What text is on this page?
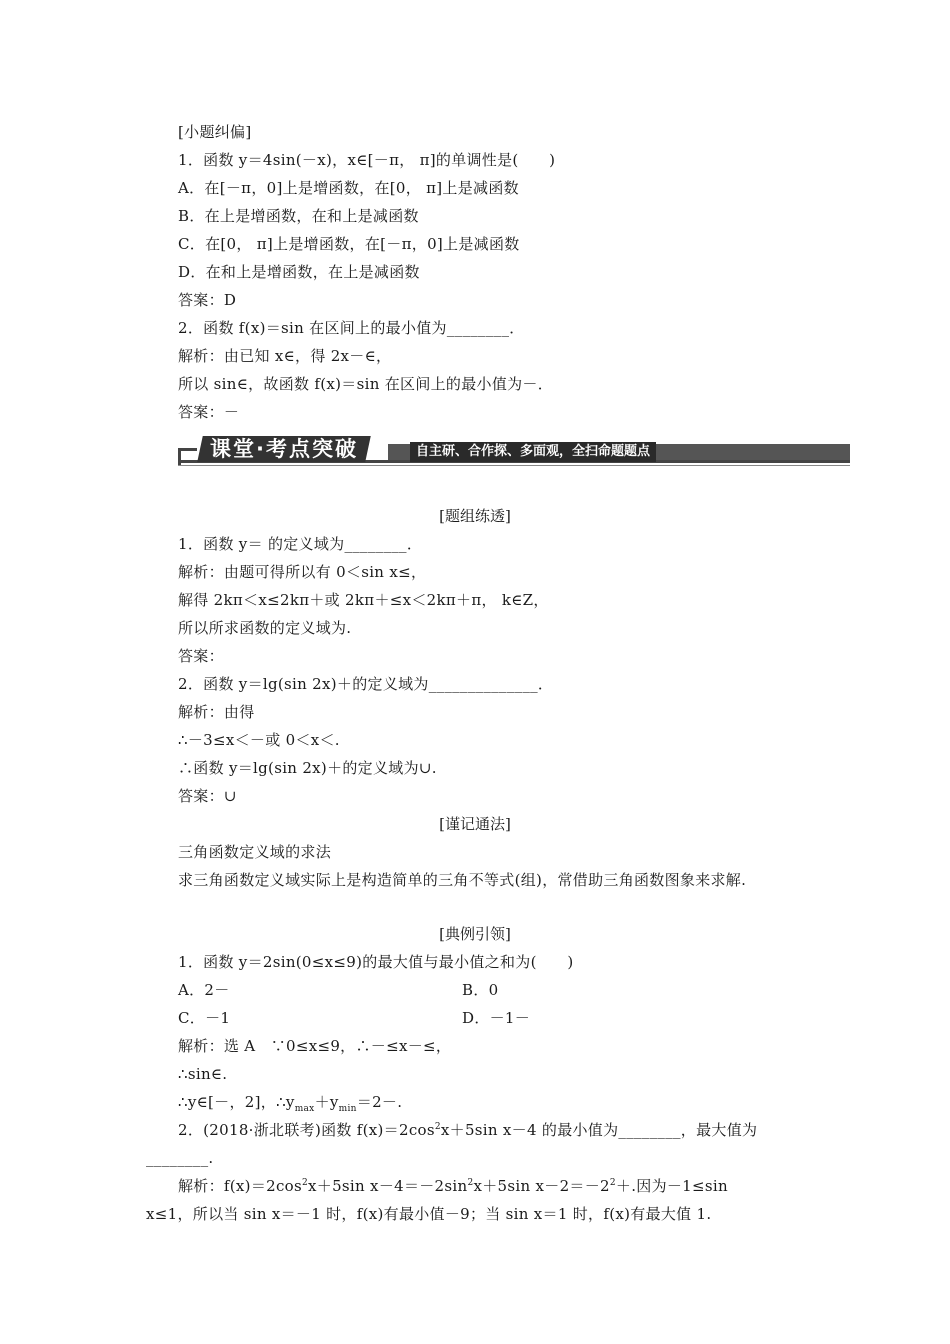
[小题纠偏]
1．函数 y＝4sin(－x)，x∈[－π， π]的单调性是(　　)
A．在[－π，0]上是增函数，在[0， π]上是减函数
B．在上是增函数，在和上是减函数
C．在[0， π]上是增函数，在[－π，0]上是减函数
D．在和上是增函数，在上是减函数
答案：D
2．函数 f(x)＝sin 在区间上的最小值为________．
解析：由已知 x∈，得 2x－∈，
所以 sin∈，故函数 f(x)＝sin 在区间上的最小值为－．
答案：－
课堂·考点突破	自主研、合作探、多面观，全扫命题题点
[题组练透]
1．函数 y＝ 的定义域为________．
解析：由题可得所以有 0＜sin x≤，
解得 2kπ＜x≤2kπ＋或 2kπ＋≤x＜2kπ＋π， k∈Z，
所以所求函数的定义域为.
答案：
2．函数 y＝lg(sin 2x)＋的定义域为______________．
解析：由得
∴－3≤x＜－或 0＜x＜.
∴函数 y＝lg(sin 2x)＋的定义域为∪.
答案：∪
[谨记通法]
三角函数定义域的求法
求三角函数定义域实际上是构造简单的三角不等式(组)，常借助三角函数图象来求解.
[典例引领]
1．函数 y＝2sin(0≤x≤9)的最大值与最小值之和为(　　)
A．2－	B．0
C．－1	D．－1－
解析：选 A　∵0≤x≤9，∴－≤x－≤，
∴sin∈.
∴y∈[－，2]，$\therefore y_{max}+y_{min}=2-$.
2．(2018·浙北联考)函数 $f(x)=2\cos^2x+5\sin$ x－4 的最小值为________，最大值为
________.
解析：$f(x)=2\cos^2x+5\sin$ $x-4=-2\sin^2x+5\sin$ $x-2=-2^2+$.因为－1≤sin
x≤1，所以当 sin x＝－1 时，f(x)有最小值－9；当 sin x＝1 时，f(x)有最大值 1.
